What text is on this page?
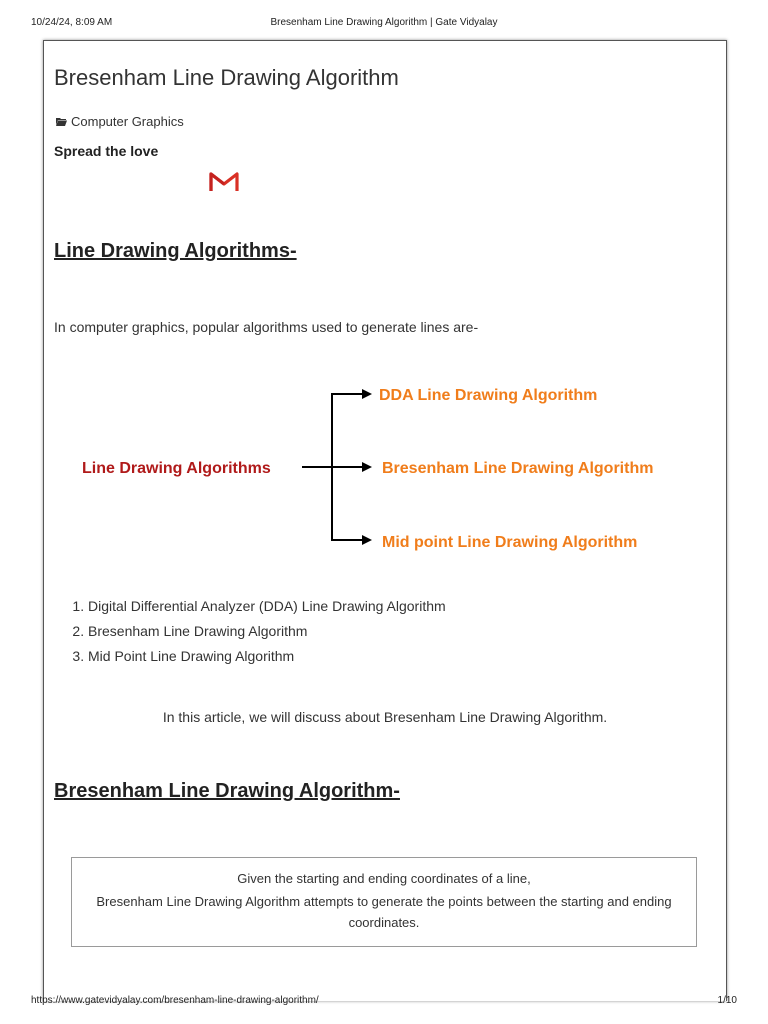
Bresenham Line Drawing Algorithm | Gate Vidyalay
10/24/24, 8:09 AM
Bresenham Line Drawing Algorithm
Computer Graphics
Spread the love
Line Drawing Algorithms-
In computer graphics, popular algorithms used to generate lines are-
Line Drawing Algorithms
DDA Line Drawing Algorithm
Bresenham Line Drawing Algorithm
Mid point Line Drawing Algorithm
1. Digital Differential Analyzer (DDA) Line Drawing Algorithm
2. Bresenham Line Drawing Algorithm
3. Mid Point Line Drawing Algorithm
In this article, we will discuss about Bresenham Line Drawing Algorithm.
Bresenham Line Drawing Algorithm-

Given the starting and ending coordinates of a line,

Bresenham Line Drawing Algorithm attempts to generate the points between the starting and ending coordinates.

https://www.gatevidyalay.com/bresenham-line-drawing-algorithm/	1/10
